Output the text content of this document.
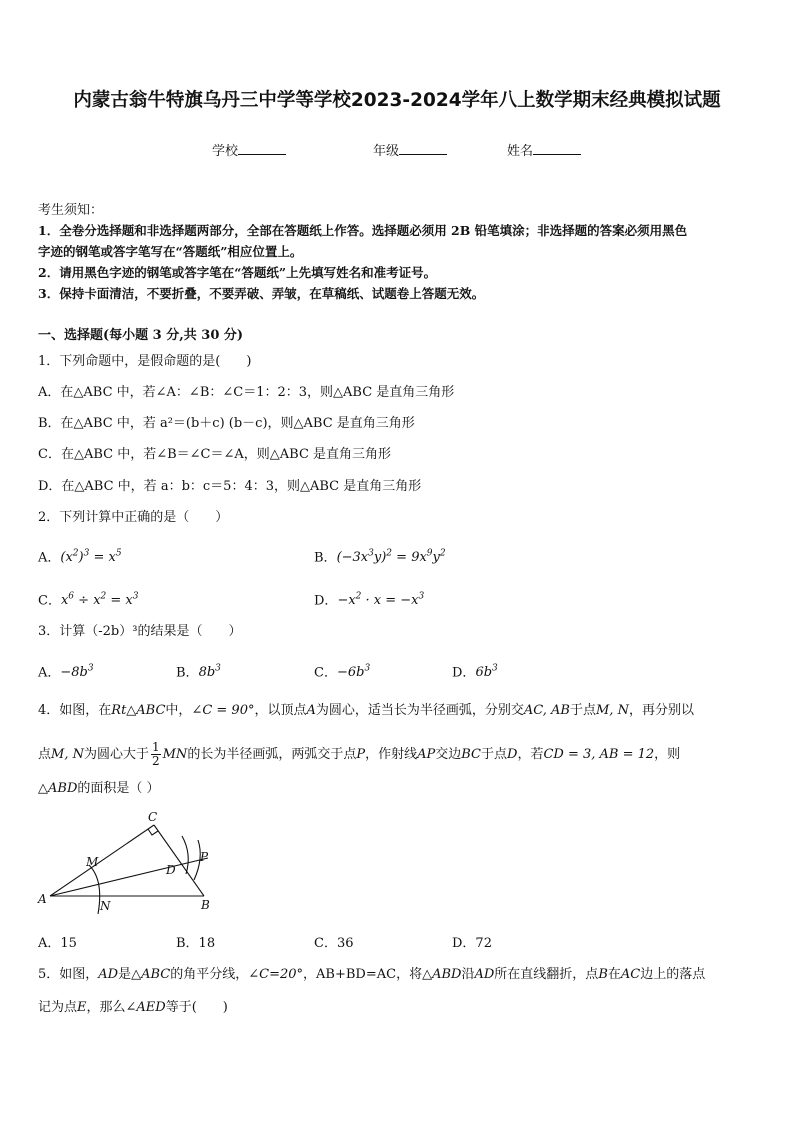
内蒙古翁牛特旗乌丹三中学等学校2023-2024学年八上数学期末经典模拟试题
学校	年级	姓名
考生须知：
1．全卷分选择题和非选择题两部分，全部在答题纸上作答。选择题必须用 2B 铅笔填涂；非选择题的答案必须用黑色
字迹的钢笔或答字笔写在“答题纸”相应位置上。
2．请用黑色字迹的钢笔或答字笔在“答题纸”上先填写姓名和准考证号。
3．保持卡面清洁，不要折叠，不要弄破、弄皱，在草稿纸、试题卷上答题无效。
一、选择题(每小题 3 分,共 30 分)
1．下列命题中，是假命题的是(　　)
A．在△ABC 中，若∠A：∠B：∠C＝1：2：3，则△ABC 是直角三角形
B．在△ABC 中，若 a²＝(b＋c) (b－c)，则△ABC 是直角三角形
C．在△ABC 中，若∠B＝∠C＝∠A，则△ABC 是直角三角形
D．在△ABC 中，若 a：b：c＝5：4：3，则△ABC 是直角三角形
2．下列计算中正确的是（　　）
A．$(x^2)^3 = x^5$	B．$(-3x^3y)^2 = 9x^9y^2$
C．$x^6 \div x^2 = x^3$	D．$-x^2 \cdot x = -x^3$
3．计算（-2b）³的结果是（　　）
A．$-8b^3$	B．$8b^3$	C．$-6b^3$	D．$6b^3$
4．如图，在Rt△ABC中，∠C = 90°，以顶点A为圆心，适当长为半径画弧，分别交AC, AB于点M, N，再分别以
点M, N为圆心大于 $\frac{1}{2}$ MN的长为半径画弧，两弧交于点P，作射线AP交边BC于点D，若CD = 3, AB = 12，则
△ABD的面积是（ ）
A	B
C
D
M
N
P
A．15	B．18	C．36	D．72
5．如图，AD是△ABC的角平分线，∠C=20°，AB+BD=AC，将△ABD沿AD所在直线翻折，点B在AC边上的落点
记为点E，那么∠AED等于(　　)
